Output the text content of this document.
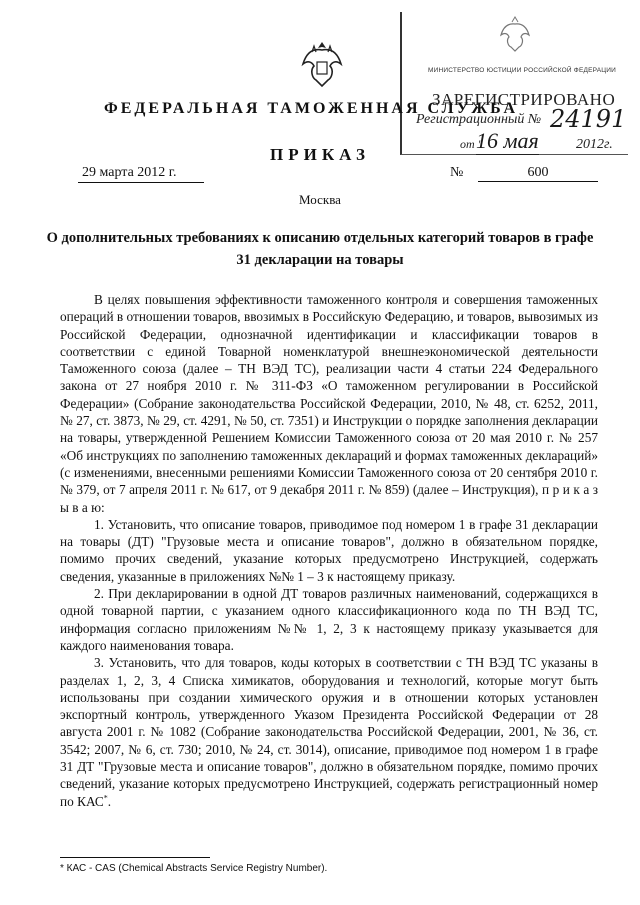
МИНИСТЕРСТВО ЮСТИЦИИ РОССИЙСКОЙ ФЕДЕРАЦИИ
ЗАРЕГИСТРИРОВАНО
Регистрационный № 24191
от "
16 мая	2012г.
ФЕДЕРАЛЬНАЯ ТАМОЖЕННАЯ СЛУЖБА
ПРИКАЗ
29 марта 2012 г.	№	600
Москва
О дополнительных требованиях к описанию отдельных категорий товаров в графе 31 декларации на товары

В целях повышения эффективности таможенного контроля и совершения таможенных операций в отношении товаров, ввозимых в Российскую Федерацию, и товаров, вывозимых из Российской Федерации, однозначной идентификации и классификации товаров в соответствии с единой Товарной номенклатурой внешнеэкономической деятельности Таможенного союза (далее – ТН ВЭД ТС), реализации части 4 статьи 224 Федерального закона от 27 ноября 2010 г. № 311-ФЗ «О таможенном регулировании в Российской Федерации» (Собрание законодательства Российской Федерации, 2010, № 48, ст. 6252, 2011, № 27, ст. 3873, № 29, ст. 4291, № 50, ст. 7351) и Инструкции о порядке заполнения декларации на товары, утвержденной Решением Комиссии Таможенного союза от 20 мая 2010 г. № 257 «Об инструкциях по заполнению таможенных деклараций и формах таможенных деклараций» (с изменениями, внесенными решениями Комиссии Таможенного союза от 20 сентября 2010 г. № 379, от 7 апреля 2011 г. № 617, от 9 декабря 2011 г. № 859) (далее – Инструкция), п р и к а з ы в а ю:

1. Установить, что описание товаров, приводимое под номером 1 в графе 31 декларации на товары (ДТ) "Грузовые места и описание товаров", должно в обязательном порядке, помимо прочих сведений, указание которых предусмотрено Инструкцией, содержать сведения, указанные в приложениях №№ 1 – 3 к настоящему приказу.

2. При декларировании в одной ДТ товаров различных наименований, содержащихся в одной товарной партии, с указанием одного классификационного кода по ТН ВЭД ТС, информация согласно приложениям №№ 1, 2, 3 к настоящему приказу указывается для каждого наименования товара.

3. Установить, что для товаров, коды которых в соответствии с ТН ВЭД ТС указаны в разделах 1, 2, 3, 4 Списка химикатов, оборудования и технологий, которые могут быть использованы при создании химического оружия и в отношении которых установлен экспортный контроль, утвержденного Указом Президента Российской Федерации от 28 августа 2001 г. № 1082 (Собрание законодательства Российской Федерации, 2001, № 36, ст. 3542; 2007, № 6, ст. 730; 2010, № 24, ст. 3014), описание, приводимое под номером 1 в графе 31 ДТ "Грузовые места и описание товаров", должно в обязательном порядке, помимо прочих сведений, указание которых предусмотрено Инструкцией, содержать регистрационный номер по КАС*.

* КАС - CAS (Chemical Abstracts Service Registry Number).
